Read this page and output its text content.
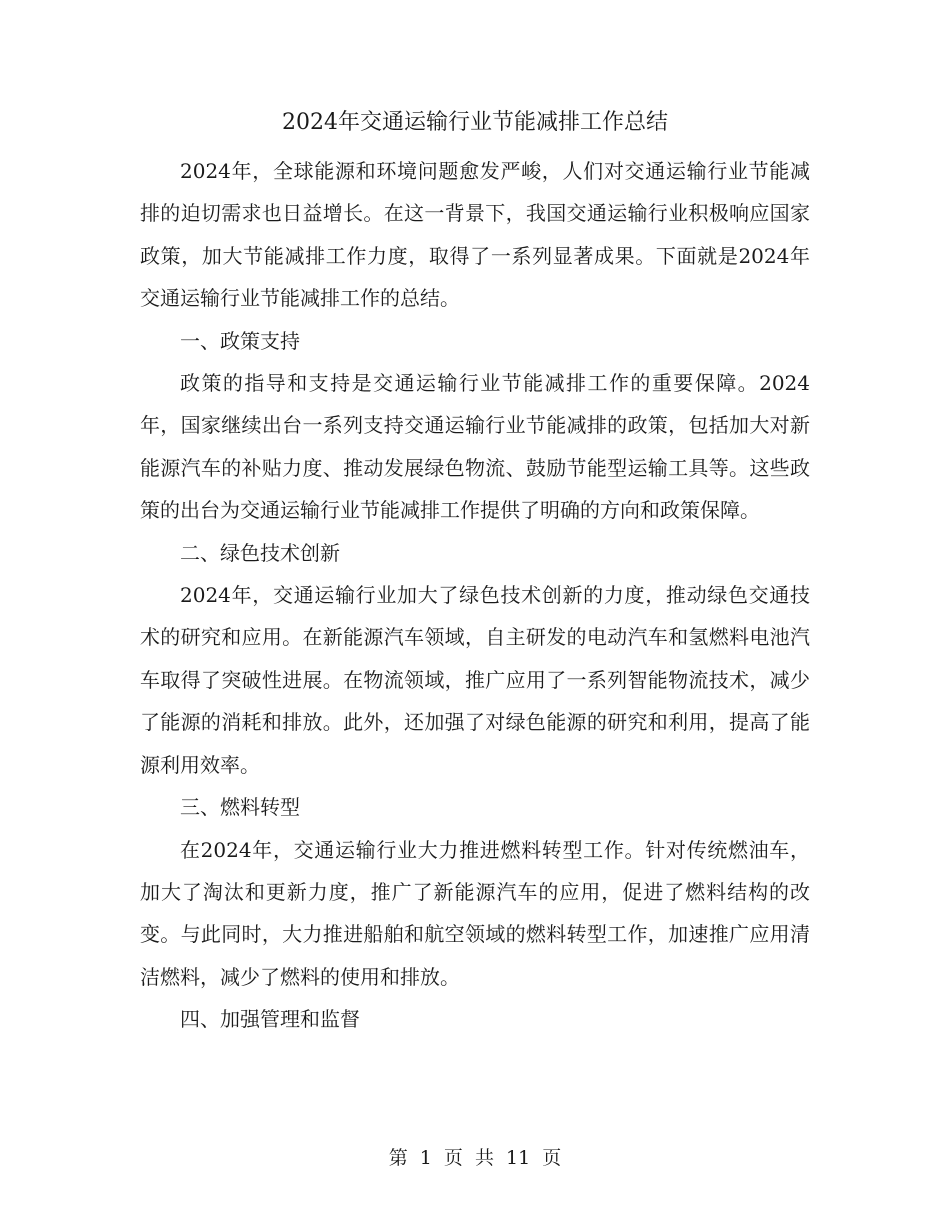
2024年交通运输行业节能减排工作总结

2024年，全球能源和环境问题愈发严峻，人们对交通运输行业节能减排的迫切需求也日益增长。在这一背景下，我国交通运输行业积极响应国家政策，加大节能减排工作力度，取得了一系列显著成果。下面就是2024年交通运输行业节能减排工作的总结。

一、政策支持

政策的指导和支持是交通运输行业节能减排工作的重要保障。2024年，国家继续出台一系列支持交通运输行业节能减排的政策，包括加大对新能源汽车的补贴力度、推动发展绿色物流、鼓励节能型运输工具等。这些政策的出台为交通运输行业节能减排工作提供了明确的方向和政策保障。

二、绿色技术创新

2024年，交通运输行业加大了绿色技术创新的力度，推动绿色交通技术的研究和应用。在新能源汽车领域，自主研发的电动汽车和氢燃料电池汽车取得了突破性进展。在物流领域，推广应用了一系列智能物流技术，减少了能源的消耗和排放。此外，还加强了对绿色能源的研究和利用，提高了能源利用效率。

三、燃料转型

在2024年，交通运输行业大力推进燃料转型工作。针对传统燃油车，加大了淘汰和更新力度，推广了新能源汽车的应用，促进了燃料结构的改变。与此同时，大力推进船舶和航空领域的燃料转型工作，加速推广应用清洁燃料，减少了燃料的使用和排放。

四、加强管理和监督

第 1 页 共 11 页
